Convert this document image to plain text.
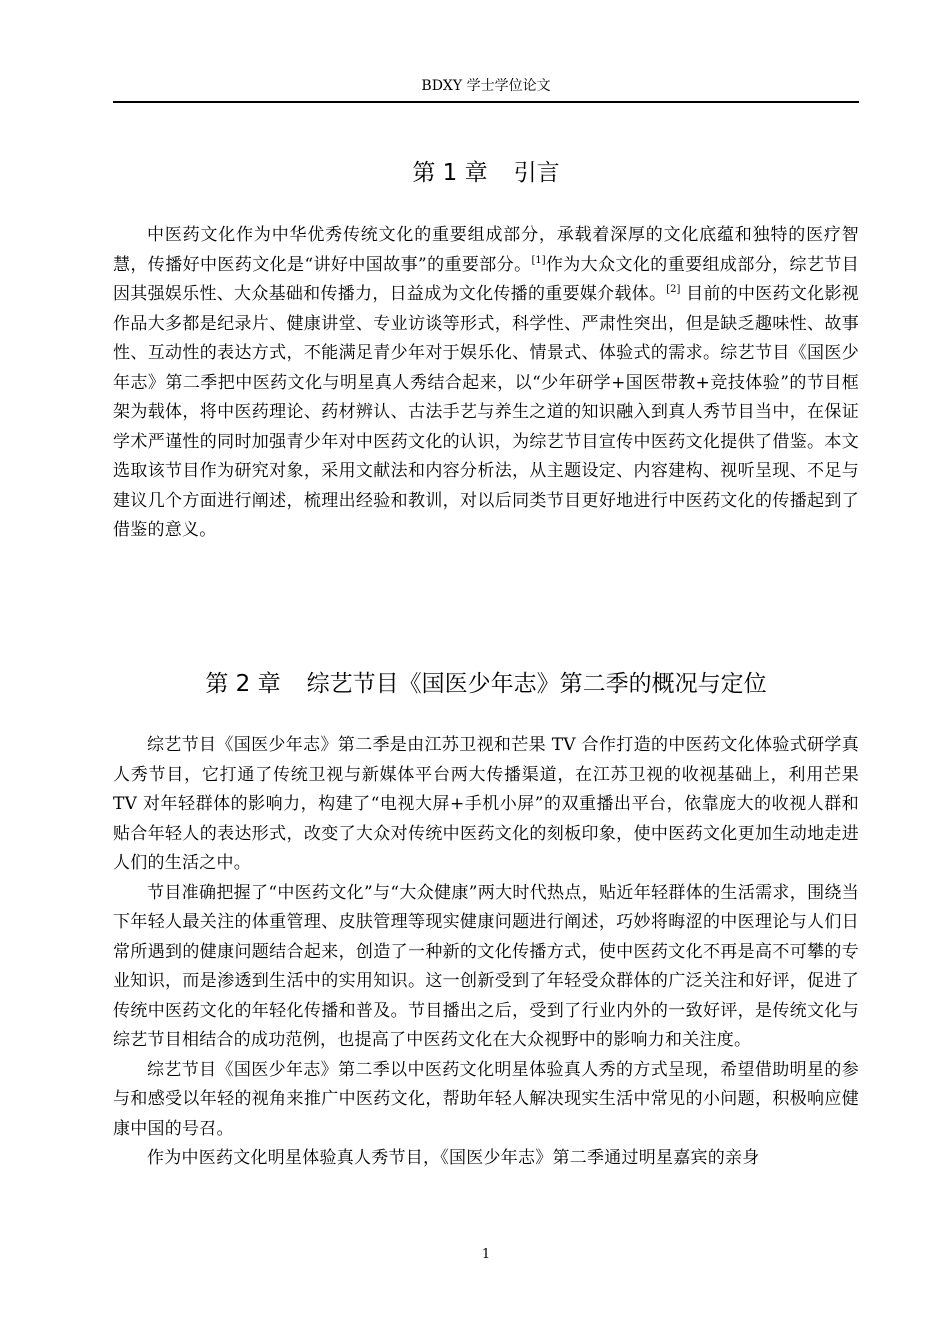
BDXY 学士学位论文
第 1 章 引言

中医药文化作为中华优秀传统文化的重要组成部分，承载着深厚的文化底蕴和独特的医疗智慧，传播好中医药文化是“讲好中国故事”的重要部分。[1]作为大众文化的重要组成部分，综艺节目因其强娱乐性、大众基础和传播力，日益成为文化传播的重要媒介载体。[2] 目前的中医药文化影视作品大多都是纪录片、健康讲堂、专业访谈等形式，科学性、严肃性突出，但是缺乏趣味性、故事性、互动性的表达方式，不能满足青少年对于娱乐化、情景式、体验式的需求。综艺节目《国医少年志》第二季把中医药文化与明星真人秀结合起来，以“少年研学+国医带教+竞技体验”的节目框架为载体，将中医药理论、药材辨认、古法手艺与养生之道的知识融入到真人秀节目当中，在保证学术严谨性的同时加强青少年对中医药文化的认识，为综艺节目宣传中医药文化提供了借鉴。本文选取该节目作为研究对象，采用文献法和内容分析法，从主题设定、内容建构、视听呈现、不足与建议几个方面进行阐述，梳理出经验和教训，对以后同类节目更好地进行中医药文化的传播起到了借鉴的意义。

第 2 章 综艺节目《国医少年志》第二季的概况与定位

综艺节目《国医少年志》第二季是由江苏卫视和芒果 TV 合作打造的中医药文化体验式研学真人秀节目，它打通了传统卫视与新媒体平台两大传播渠道，在江苏卫视的收视基础上，利用芒果 TV 对年轻群体的影响力，构建了“电视大屏+手机小屏”的双重播出平台，依靠庞大的收视人群和贴合年轻人的表达形式，改变了大众对传统中医药文化的刻板印象，使中医药文化更加生动地走进人们的生活之中。

节目准确把握了“中医药文化”与“大众健康”两大时代热点，贴近年轻群体的生活需求，围绕当下年轻人最关注的体重管理、皮肤管理等现实健康问题进行阐述，巧妙将晦涩的中医理论与人们日常所遇到的健康问题结合起来，创造了一种新的文化传播方式，使中医药文化不再是高不可攀的专业知识，而是渗透到生活中的实用知识。这一创新受到了年轻受众群体的广泛关注和好评，促进了传统中医药文化的年轻化传播和普及。节目播出之后，受到了行业内外的一致好评，是传统文化与综艺节目相结合的成功范例，也提高了中医药文化在大众视野中的影响力和关注度。

综艺节目《国医少年志》第二季以中医药文化明星体验真人秀的方式呈现，希望借助明星的参与和感受以年轻的视角来推广中医药文化，帮助年轻人解决现实生活中常见的小问题，积极响应健康中国的号召。

作为中医药文化明星体验真人秀节目，《国医少年志》第二季通过明星嘉宾的亲身

1
